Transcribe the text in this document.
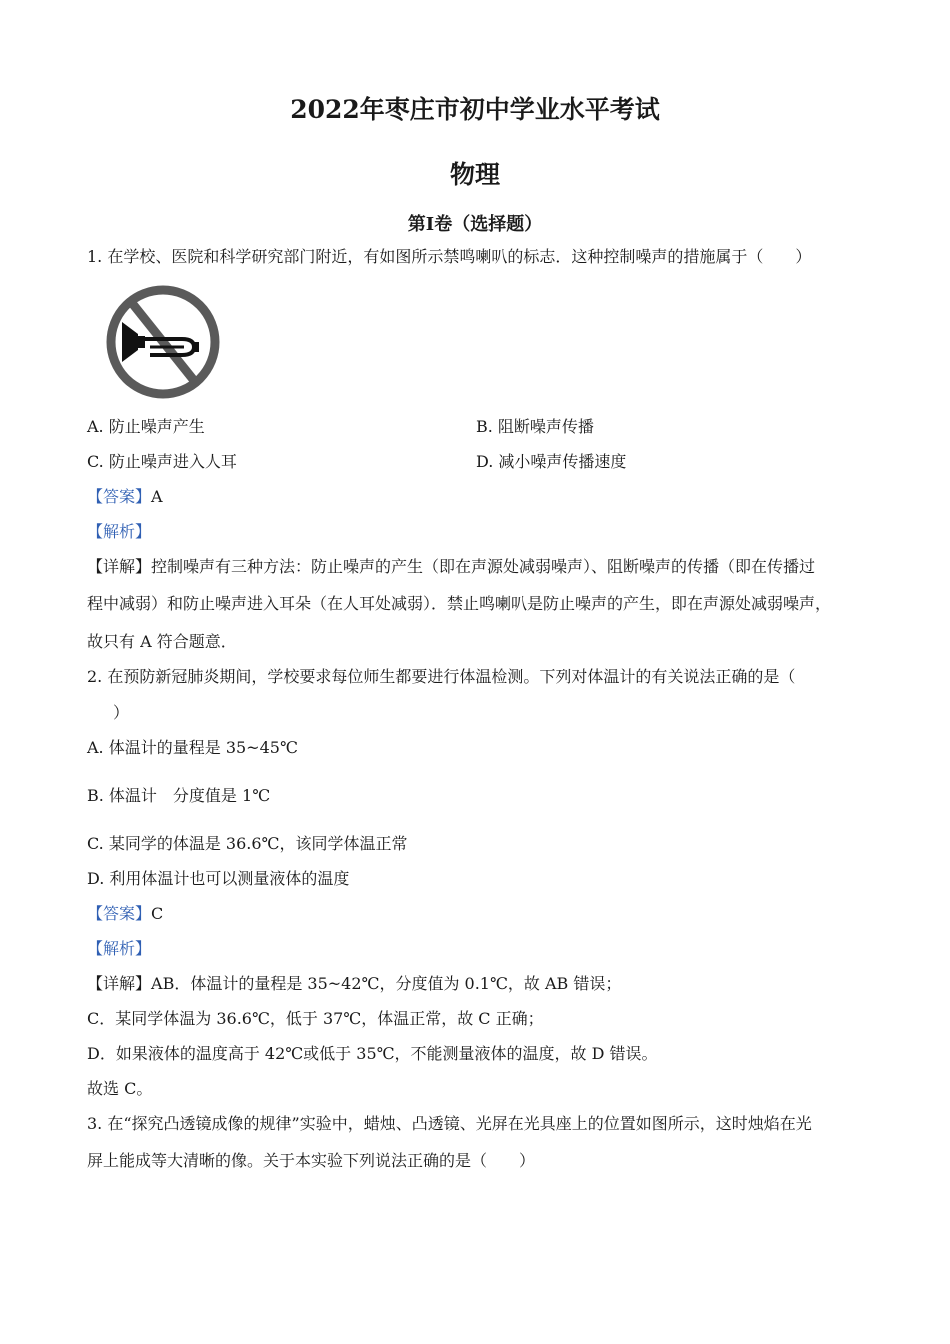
2022年枣庄市初中学业水平考试
物理
第I卷（选择题）
1. 在学校、医院和科学研究部门附近，有如图所示禁鸣喇叭的标志．这种控制噪声的措施属于（　　）
A. 防止噪声产生	B. 阻断噪声传播
C. 防止噪声进入人耳	D. 减小噪声传播速度
【答案】A
【解析】
【详解】控制噪声有三种方法：防止噪声的产生（即在声源处减弱噪声）、阻断噪声的传播（即在传播过
程中减弱）和防止噪声进入耳朵（在人耳处减弱）．禁止鸣喇叭是防止噪声的产生，即在声源处减弱噪声，
故只有 A 符合题意．
2. 在预防新冠肺炎期间，学校要求每位师生都要进行体温检测。下列对体温计的有关说法正确的是（
　）
A. 体温计的量程是 35~45℃
B. 体温计　分度值是 1℃
C. 某同学的体温是 36.6℃，该同学体温正常
D. 利用体温计也可以测量液体的温度
【答案】C
【解析】
【详解】AB．体温计的量程是 35~42℃，分度值为 0.1℃，故 AB 错误；
C．某同学体温为 36.6℃，低于 37℃，体温正常，故 C 正确；
D．如果液体的温度高于 42℃或低于 35℃，不能测量液体的温度，故 D 错误。
故选 C。
3. 在“探究凸透镜成像的规律”实验中，蜡烛、凸透镜、光屏在光具座上的位置如图所示，这时烛焰在光
屏上能成等大清晰的像。关于本实验下列说法正确的是（　　）
